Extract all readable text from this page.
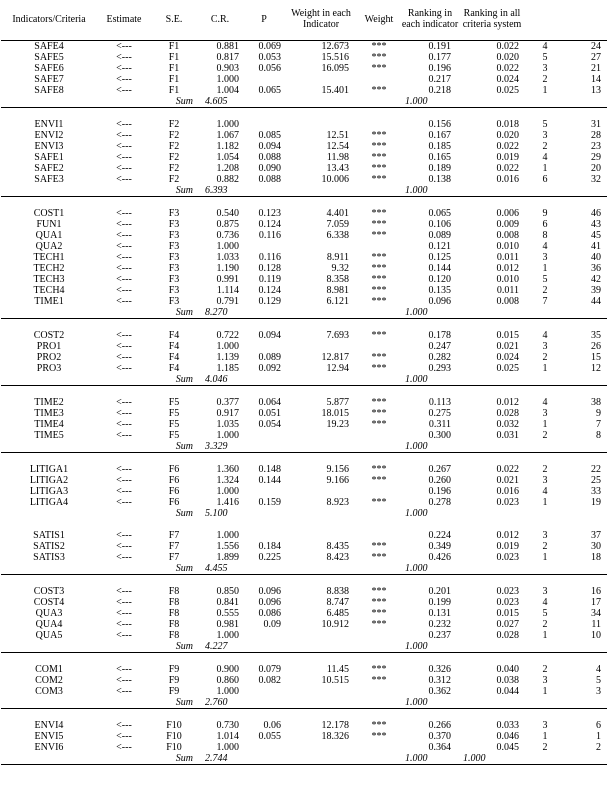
Indicators/Criteria	Estimate	S.E.	C.R.	P	Weight in each Indicator	Weight	Ranking in each indicator	Ranking in all criteria system		
SAFE4	<---	F1	0.881	0.069	12.673	***	0.191	0.022	4	24
SAFE5	<---	F1	0.817	0.053	15.516	***	0.177	0.020	5	27
SAFE6	<---	F1	0.903	0.056	16.095	***	0.196	0.022	3	21
SAFE7	<---	F1	1.000				0.217	0.024	2	14
SAFE8	<---	F1	1.004	0.065	15.401	***	0.218	0.025	1	13
		Sum	4.605				1.000			

ENVI1	<---	F2	1.000				0.156	0.018	5	31
ENVI2	<---	F2	1.067	0.085	12.51	***	0.167	0.020	3	28
ENVI3	<---	F2	1.182	0.094	12.54	***	0.185	0.022	2	23
SAFE1	<---	F2	1.054	0.088	11.98	***	0.165	0.019	4	29
SAFE2	<---	F2	1.208	0.090	13.43	***	0.189	0.022	1	20
SAFE3	<---	F2	0.882	0.088	10.006	***	0.138	0.016	6	32
		Sum	6.393				1.000			

COST1	<---	F3	0.540	0.123	4.401	***	0.065	0.006	9	46
FUN1	<---	F3	0.875	0.124	7.059	***	0.106	0.009	6	43
QUA1	<---	F3	0.736	0.116	6.338	***	0.089	0.008	8	45
QUA2	<---	F3	1.000				0.121	0.010	4	41
TECH1	<---	F3	1.033	0.116	8.911	***	0.125	0.011	3	40
TECH2	<---	F3	1.190	0.128	9.32	***	0.144	0.012	1	36
TECH3	<---	F3	0.991	0.119	8.358	***	0.120	0.010	5	42
TECH4	<---	F3	1.114	0.124	8.981	***	0.135	0.011	2	39
TIME1	<---	F3	0.791	0.129	6.121	***	0.096	0.008	7	44
		Sum	8.270				1.000			

COST2	<---	F4	0.722	0.094	7.693	***	0.178	0.015	4	35
PRO1	<---	F4	1.000				0.247	0.021	3	26
PRO2	<---	F4	1.139	0.089	12.817	***	0.282	0.024	2	15
PRO3	<---	F4	1.185	0.092	12.94	***	0.293	0.025	1	12
		Sum	4.046				1.000			

TIME2	<---	F5	0.377	0.064	5.877	***	0.113	0.012	4	38
TIME3	<---	F5	0.917	0.051	18.015	***	0.275	0.028	3	9
TIME4	<---	F5	1.035	0.054	19.23	***	0.311	0.032	1	7
TIME5	<---	F5	1.000				0.300	0.031	2	8
		Sum	3.329				1.000			

LITIGA1	<---	F6	1.360	0.148	9.156	***	0.267	0.022	2	22
LITIGA2	<---	F6	1.324	0.144	9.166	***	0.260	0.021	3	25
LITIGA3	<---	F6	1.000				0.196	0.016	4	33
LITIGA4	<---	F6	1.416	0.159	8.923	***	0.278	0.023	1	19
		Sum	5.100				1.000			

SATIS1	<---	F7	1.000				0.224	0.012	3	37
SATIS2	<---	F7	1.556	0.184	8.435	***	0.349	0.019	2	30
SATIS3	<---	F7	1.899	0.225	8.423	***	0.426	0.023	1	18
		Sum	4.455				1.000			

COST3	<---	F8	0.850	0.096	8.838	***	0.201	0.023	3	16
COST4	<---	F8	0.841	0.096	8.747	***	0.199	0.023	4	17
QUA3	<---	F8	0.555	0.086	6.485	***	0.131	0.015	5	34
QUA4	<---	F8	0.981	0.09	10.912	***	0.232	0.027	2	11
QUA5	<---	F8	1.000				0.237	0.028	1	10
		Sum	4.227				1.000			

COM1	<---	F9	0.900	0.079	11.45	***	0.326	0.040	2	4
COM2	<---	F9	0.860	0.082	10.515	***	0.312	0.038	3	5
COM3	<---	F9	1.000				0.362	0.044	1	3
		Sum	2.760				1.000			

ENVI4	<---	F10	0.730	0.06	12.178	***	0.266	0.033	3	6
ENVI5	<---	F10	1.014	0.055	18.326	***	0.370	0.046	1	1
ENVI6	<---	F10	1.000				0.364	0.045	2	2
		Sum	2.744				1.000	1.000		
